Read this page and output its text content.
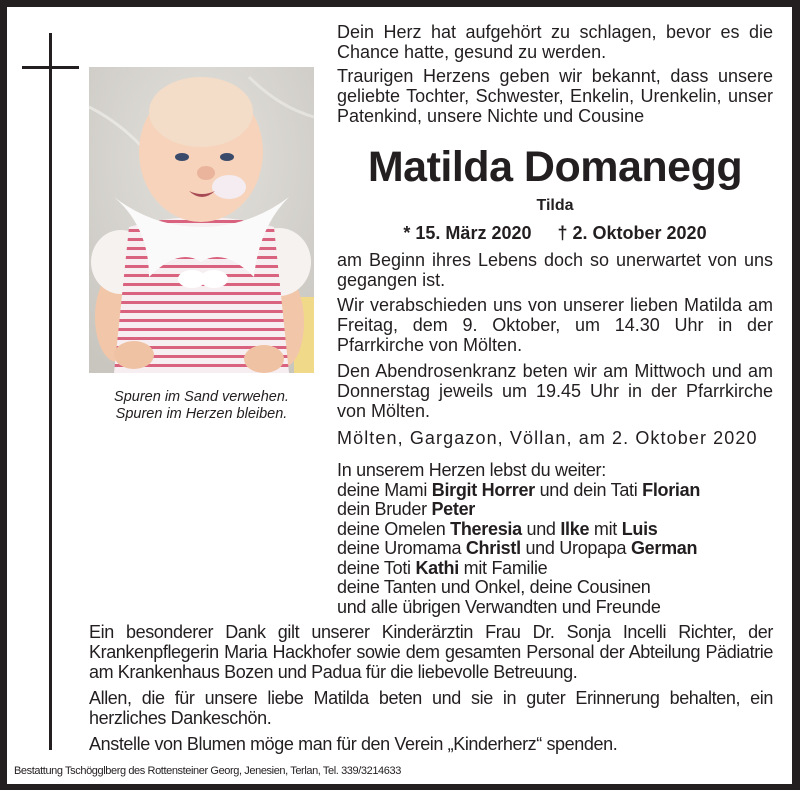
Spuren im Sand verwehen.
Spuren im Herzen bleiben.

Dein Herz hat aufgehört zu schlagen, bevor es die Chance hatte, gesund zu werden.

Traurigen Herzens geben wir bekannt, dass unsere geliebte Tochter, Schwester, Enkelin, Urenkelin, unser Patenkind, unsere Nichte und Cousine

Matilda Domanegg
Tilda
* 15. März 2020 † 2. Oktober 2020

am Beginn ihres Lebens doch so unerwartet von uns gegangen ist.

Wir verabschieden uns von unserer lieben Matilda am Freitag, dem 9. Oktober, um 14.30 Uhr in der Pfarrkirche von Mölten.

Den Abendrosenkranz beten wir am Mittwoch und am Donnerstag jeweils um 19.45 Uhr in der Pfarrkirche von Mölten.

Mölten, Gargazon, Völlan, am 2. Oktober 2020
In unserem Herzen lebst du weiter:
deine Mami Birgit Horrer und dein Tati Florian
dein Bruder Peter
deine Omelen Theresia und Ilke mit Luis
deine Uromama Christl und Uropapa German
deine Toti Kathi mit Familie
deine Tanten und Onkel, deine Cousinen
und alle übrigen Verwandten und Freunde

Ein besonderer Dank gilt unserer Kinderärztin Frau Dr. Sonja Incelli Richter, der Krankenpflegerin Maria Hackhofer sowie dem gesamten Personal der Abteilung Pädiatrie am Krankenhaus Bozen und Padua für die liebevolle Betreuung.

Allen, die für unsere liebe Matilda beten und sie in guter Erinnerung behalten, ein herzliches Dankeschön.

Anstelle von Blumen möge man für den Verein „Kinderherz“ spenden.

Bestattung Tschögglberg des Rottensteiner Georg, Jenesien, Terlan, Tel. 339/3214633
